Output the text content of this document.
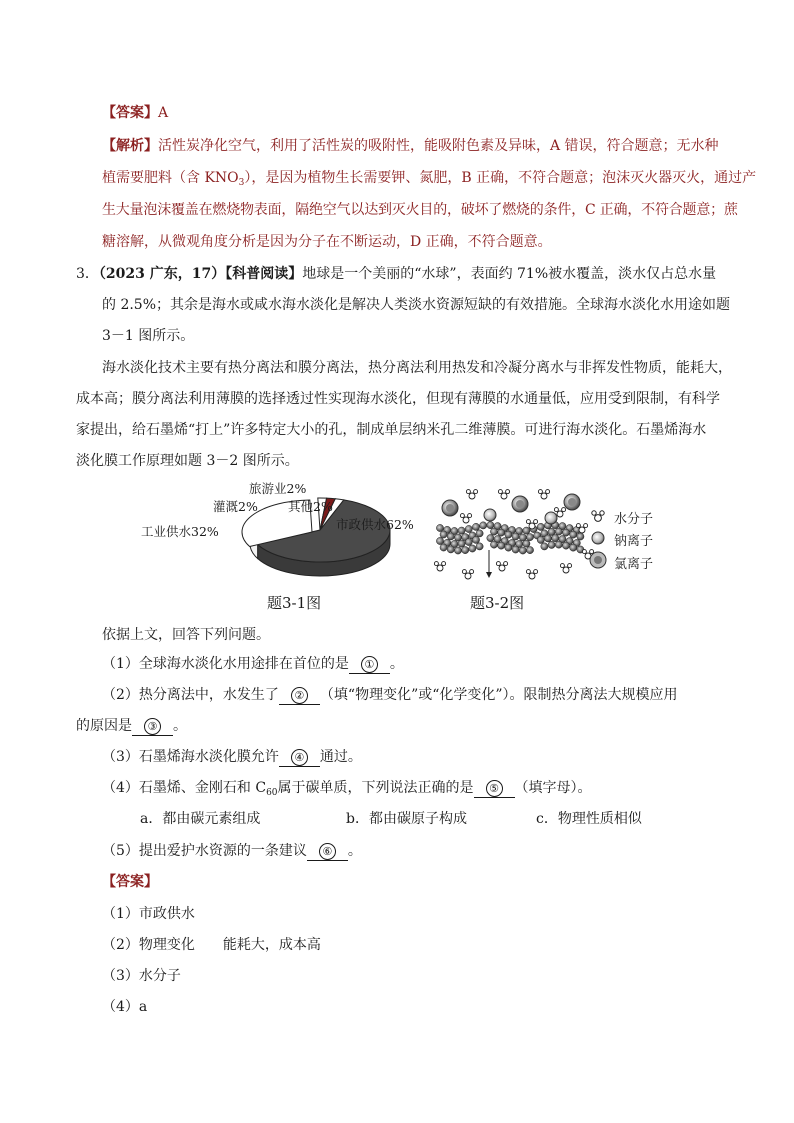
【答案】A
【解析】活性炭净化空气，利用了活性炭的吸附性，能吸附色素及异味，A 错误，符合题意；无水种
植需要肥料（含 $KNO_3$），是因为植物生长需要钾、氮肥，B 正确，不符合题意；泡沫灭火器灭火，通过产
生大量泡沫覆盖在燃烧物表面，隔绝空气以达到灭火目的，破坏了燃烧的条件，C 正确，不符合题意；蔗
糖溶解，从微观角度分析是因为分子在不断运动，D 正确，不符合题意。
3．（2023 广东，17）【科普阅读】地球是一个美丽的“水球”，表面约 71%被水覆盖，淡水仅占总水量
的 2.5%；其余是海水或咸水海水淡化是解决人类淡水资源短缺的有效措施。全球海水淡化水用途如题
3－1 图所示。
海水淡化技术主要有热分离法和膜分离法，热分离法利用热发和冷凝分离水与非挥发性物质，能耗大，
成本高；膜分离法利用薄膜的选择透过性实现海水淡化，但现有薄膜的水通量低，应用受到限制，有科学
家提出，给石墨烯“打上”许多特定大小的孔，制成单层纳米孔二维薄膜。可进行海水淡化。石墨烯海水
淡化膜工作原理如题 3－2 图所示。
灌溉2%
旅游业2%
其他2%
工业供水32%	市政供水62%
题3-1图
水分子
钠离子
氯离子
题3-2图
依据上文，回答下列问题。
（1）全球海水淡化水用途排在首位的是 ① 。
（2）热分离法中，水发生了 ② （填“物理变化”或“化学变化”）。限制热分离法大规模应用
的原因是 ③ 。
（3）石墨烯海水淡化膜允许 ④ 通过。
（4）石墨烯、金刚石和 $C_{60}$属于碳单质，下列说法正确的是 ⑤ （填字母）。
a．都由碳元素组成	b．都由碳原子构成	c．物理性质相似
（5）提出爱护水资源的一条建议 ⑥ 。
【答案】
（1）市政供水
（2）物理变化 能耗大，成本高
（3）水分子
（4）a
